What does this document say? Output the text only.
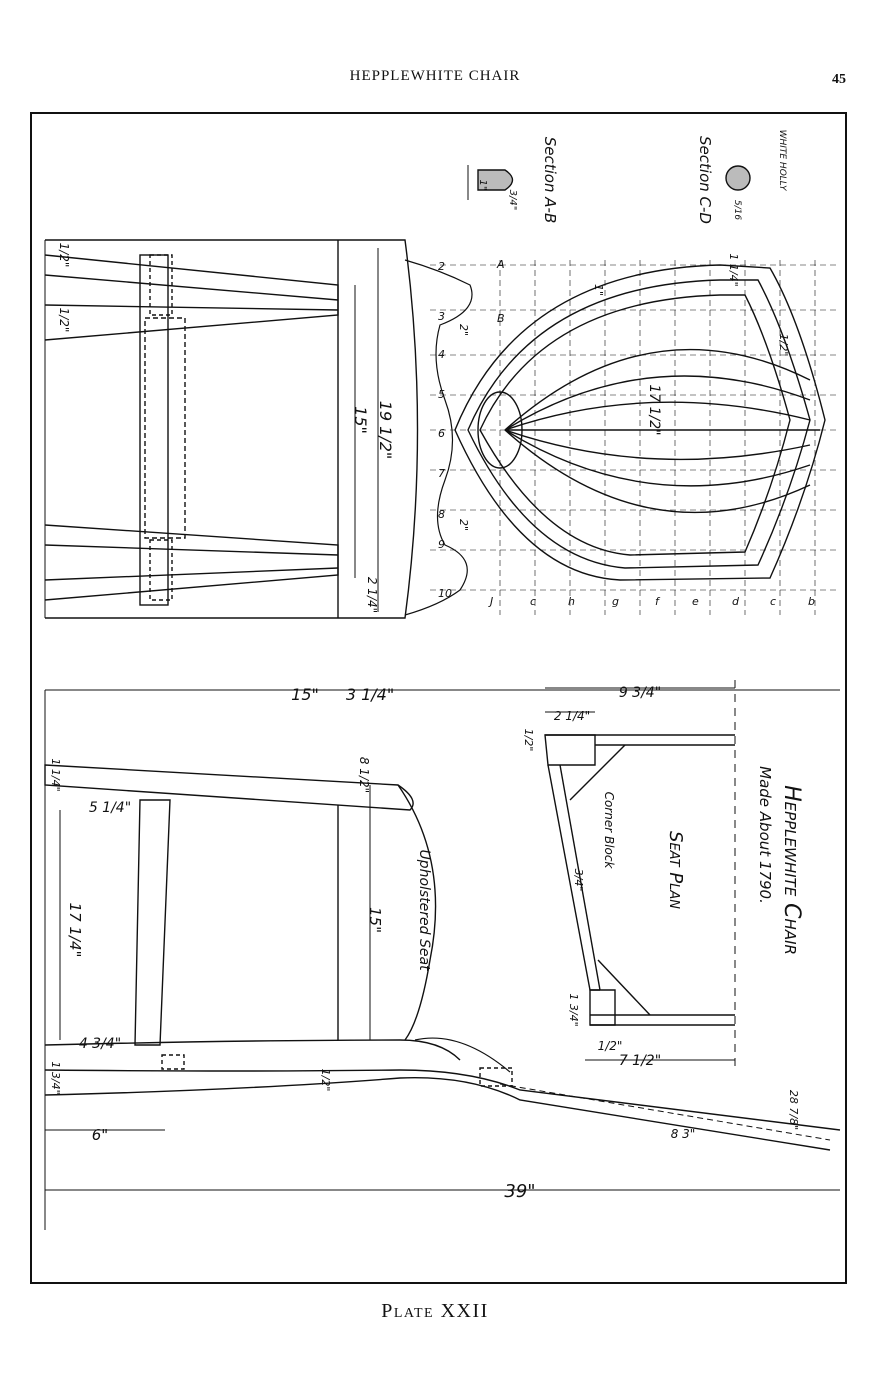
HEPPLEWHITE CHAIR	45
15" 3 1/4"
39"
6"
5 1/4"
4 3/4"
7 1/2"
9 3/4"
2 1/4"
1/2"
8 3"
15" 19 1/2"
2 1/4"
1/2"
1/2"
17 1/2"
2"
2"
1 1/4"
1"
1/2"
17 1/4"	15"
8 1/2"
1 1/4"
1 3/4"	1/2"
28 7/8"
1/2"
3/4"
1 3/4"
1"
3/4"	5/16
Section A-B	Section C-D	WHITE HOLLY
Upholstered Seat
Corner Block
Seat Plan	Hepplewhite Chair
Made About 1790.
2
3
4
5
6
7
8
9
10
A
B
J	c	h	g	f	e	d	c	b
Plate XXII
